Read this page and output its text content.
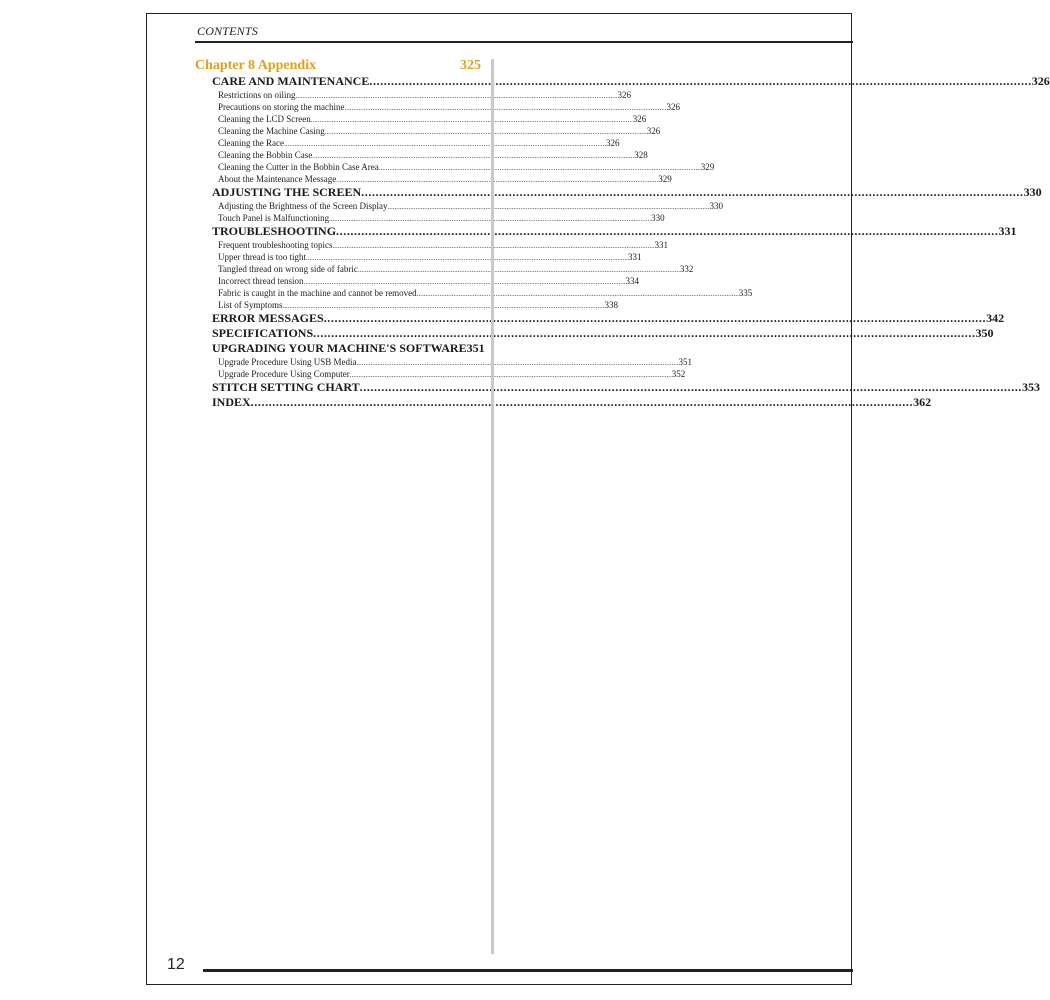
CONTENTS
Chapter 8 Appendix	325
CARE AND MAINTENANCE .....	326
Restrictions on oiling .....	326
Precautions on storing the machine .....	326
Cleaning the LCD Screen .....	326
Cleaning the Machine Casing .....	326
Cleaning the Race .....	326
Cleaning the Bobbin Case .....	328
Cleaning the Cutter in the Bobbin Case Area .....	329
About the Maintenance Message .....	329
ADJUSTING THE SCREEN .....	330
Adjusting the Brightness of the Screen Display .....	330
Touch Panel is Malfunctioning .....	330
TROUBLESHOOTING .....	331
Frequent troubleshooting topics .....	331
Upper thread is too tight .....	331
Tangled thread on wrong side of fabric .....	332
Incorrect thread tension .....	334
Fabric is caught in the machine and cannot be removed .....	335
List of Symptoms .....	338
ERROR MESSAGES .....	342
SPECIFICATIONS .....	350
UPGRADING YOUR MACHINE'S SOFTWARE 351
Upgrade Procedure Using USB Media .....	351
Upgrade Procedure Using Computer .....	352
STITCH SETTING CHART .....	353
INDEX .....	362
12
